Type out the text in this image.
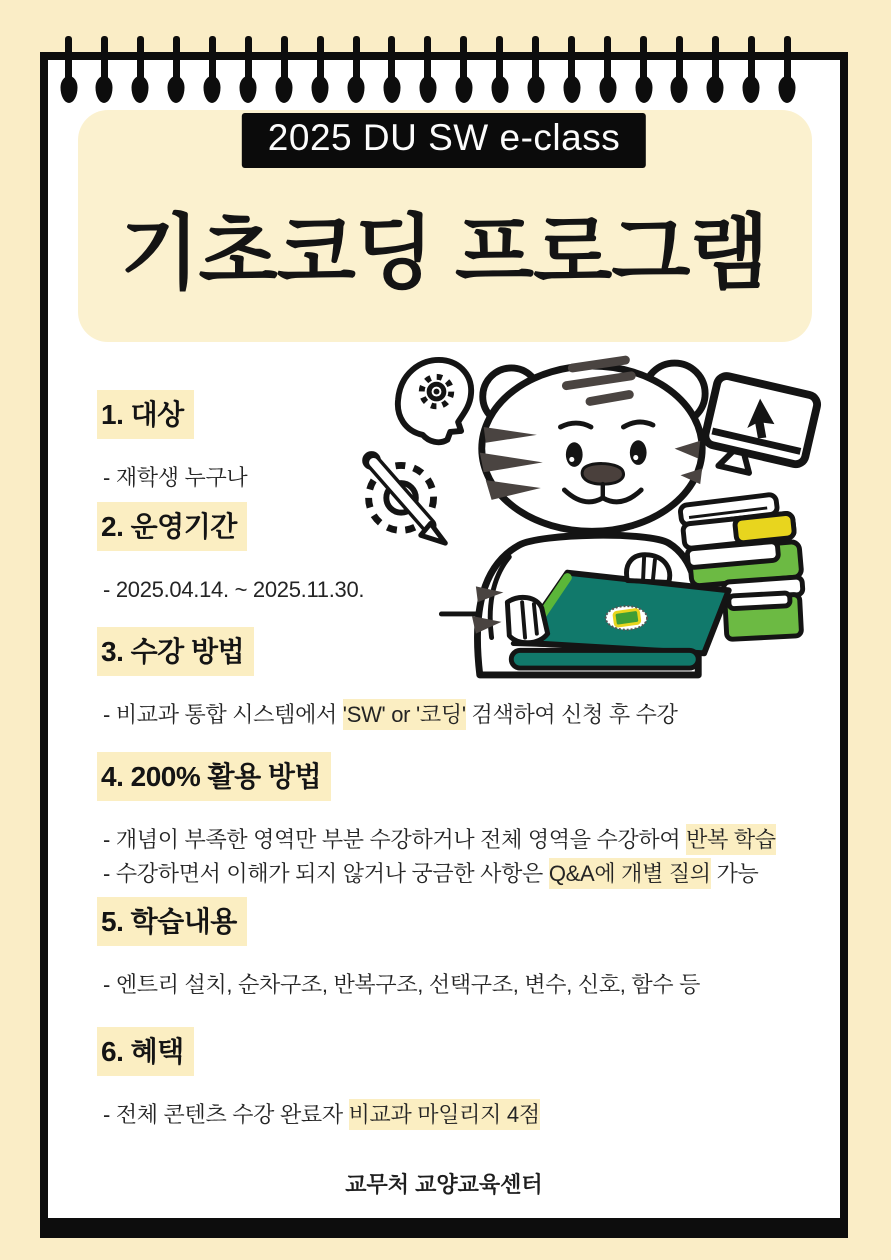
2025 DU SW e-class
기초코딩 프로그램
1. 대상
- 재학생 누구나
2. 운영기간
- 2025.04.14. ~ 2025.11.30.
3. 수강 방법
- 비교과 통합 시스템에서 'SW' or '코딩' 검색하여 신청 후 수강
4. 200% 활용 방법
- 개념이 부족한 영역만 부분 수강하거나 전체 영역을 수강하여 반복 학습
- 수강하면서 이해가 되지 않거나 궁금한 사항은 Q&A에 개별 질의 가능
5. 학습내용
- 엔트리 설치, 순차구조, 반복구조, 선택구조, 변수, 신호, 함수 등
6. 혜택
- 전체 콘텐츠 수강 완료자 비교과 마일리지 4점
교무처 교양교육센터
